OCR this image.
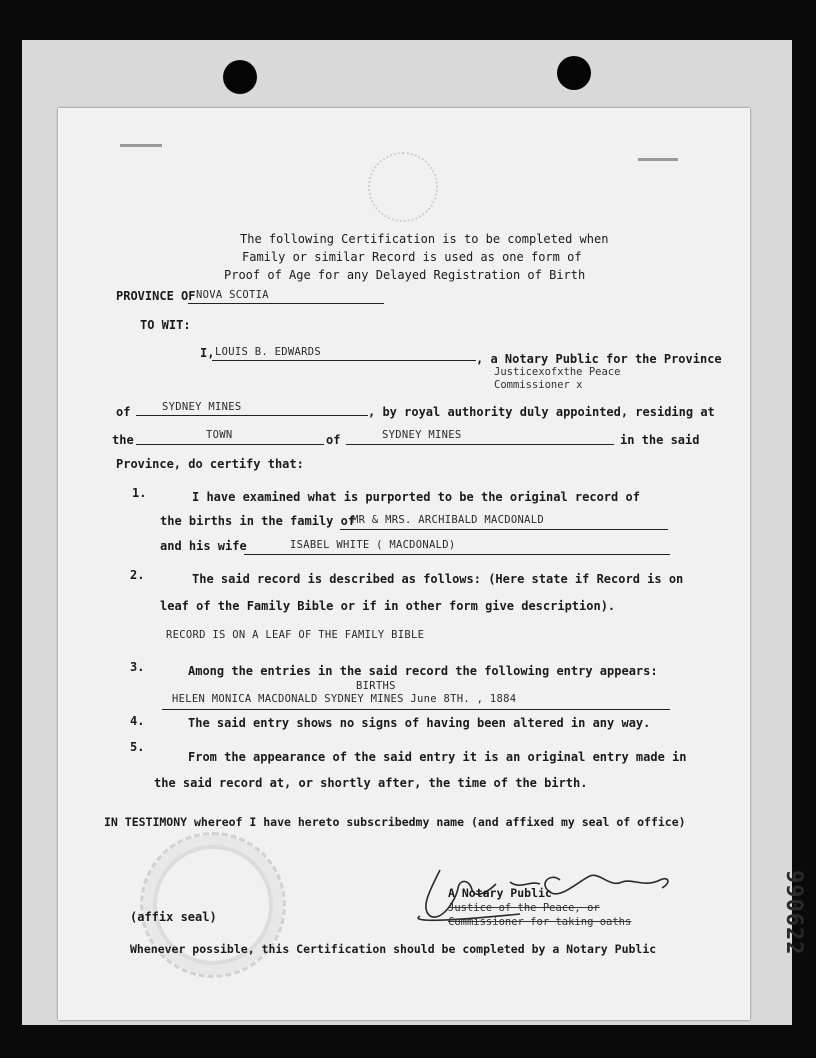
990622
The following Certification is to be completed when
Family or similar Record is used as one form of
Proof of Age for any Delayed Registration of Birth
PROVINCE OF NOVA SCOTIA
TO WIT:
I, LOUIS B. EDWARDS	, a Notary Public for the Province
Justicexofxthe Peace
Commissioner x
of	SYDNEY MINES	, by royal authority duly appointed, residing at
the	TOWN	of	SYDNEY MINES	in the said
Province, do certify that:
1.	I have examined what is purported to be the original record of
the births in the family of
MR & MRS. ARCHIBALD MACDONALD
and his wife	ISABEL WHITE ( MACDONALD)
2.	The said record is described as follows: (Here state if Record is on
leaf of the Family Bible or if in other form give description).
RECORD IS ON A LEAF OF THE FAMILY BIBLE
3.	Among the entries in the said record the following entry appears:
BIRTHS
HELEN MONICA MACDONALD SYDNEY MINES June 8TH. , 1884
4.	The said entry shows no signs of having been altered in any way.
5.
From the appearance of the said entry it is an original entry made in
the said record at, or shortly after, the time of the birth.
IN TESTIMONY whereof I have hereto subscribedmy name (and affixed my seal of office)
A Notary Public
Justice of the Peace, or
Commissioner for taking oaths
(affix seal)
Whenever possible, this Certification should be completed by a Notary Public
